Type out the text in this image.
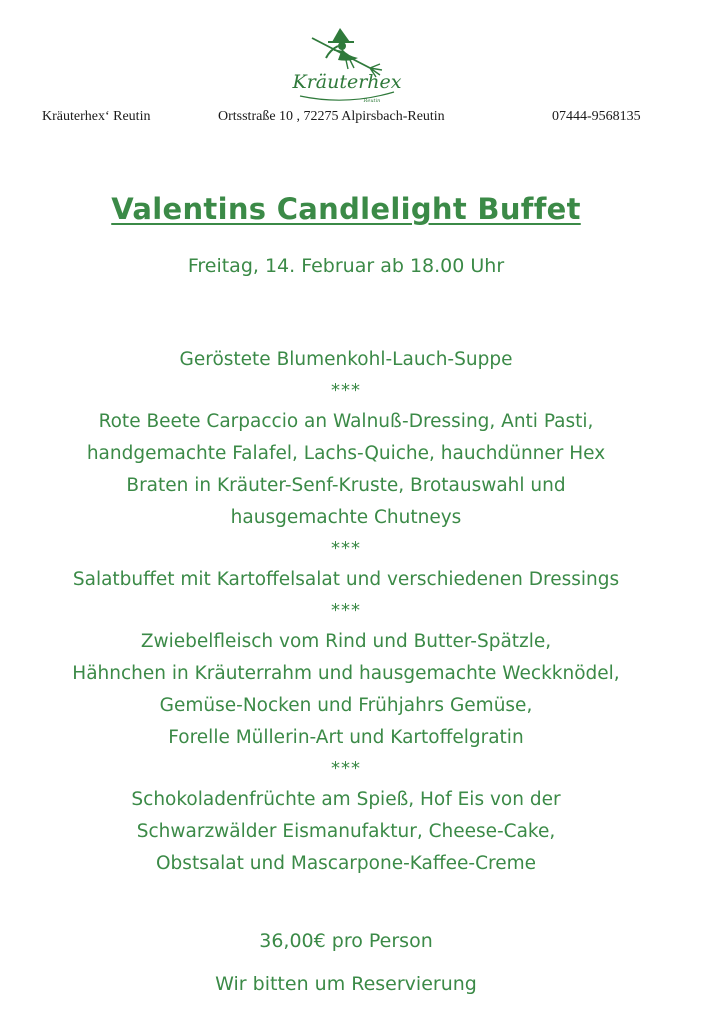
Kräuterhex
Reutin
Kräuterhex‘ Reutin	Ortsstraße 10 , 72275 Alpirsbach-Reutin	07444-9568135
Valentins Candlelight Buffet
Freitag, 14. Februar ab 18.00 Uhr
Geröstete Blumenkohl-Lauch-Suppe
***
Rote Beete Carpaccio an Walnuß-Dressing, Anti Pasti,
handgemachte Falafel, Lachs-Quiche, hauchdünner Hex
Braten in Kräuter-Senf-Kruste, Brotauswahl und
hausgemachte Chutneys
***
Salatbuffet mit Kartoffelsalat und verschiedenen Dressings
***
Zwiebelfleisch vom Rind und Butter-Spätzle,
Hähnchen in Kräuterrahm und hausgemachte Weckknödel,
Gemüse-Nocken und Frühjahrs Gemüse,
Forelle Müllerin-Art und Kartoffelgratin
***
Schokoladenfrüchte am Spieß, Hof Eis von der
Schwarzwälder Eismanufaktur, Cheese-Cake,
Obstsalat und Mascarpone-Kaffee-Creme
36,00€ pro Person
Wir bitten um Reservierung
